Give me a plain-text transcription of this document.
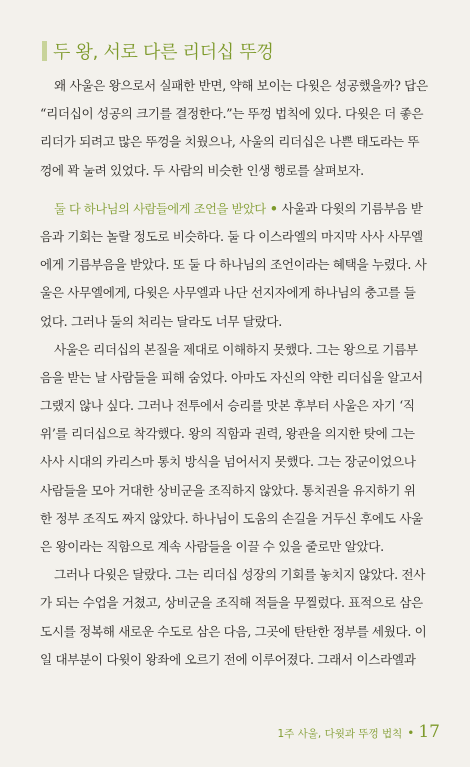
두 왕, 서로 다른 리더십 뚜껑
왜 사울은 왕으로서 실패한 반면, 약해 보이는 다윗은 성공했을까? 답은
“리더십이 성공의 크기를 결정한다.”는 뚜껑 법칙에 있다. 다윗은 더 좋은
리더가 되려고 많은 뚜껑을 치웠으나, 사울의 리더십은 나쁜 태도라는 뚜
껑에 꽉 눌려 있었다. 두 사람의 비슷한 인생 행로를 살펴보자.
둘 다 하나님의 사람들에게 조언을 받았다 • 사울과 다윗의 기름부음 받
음과 기회는 놀랄 정도로 비슷하다. 둘 다 이스라엘의 마지막 사사 사무엘
에게 기름부음을 받았다. 또 둘 다 하나님의 조언이라는 혜택을 누렸다. 사
울은 사무엘에게, 다윗은 사무엘과 나단 선지자에게 하나님의 충고를 들
었다. 그러나 둘의 처리는 달라도 너무 달랐다.
사울은 리더십의 본질을 제대로 이해하지 못했다. 그는 왕으로 기름부
음을 받는 날 사람들을 피해 숨었다. 아마도 자신의 약한 리더십을 알고서
그랬지 않나 싶다. 그러나 전투에서 승리를 맛본 후부터 사울은 자기 ‘직
위’를 리더십으로 착각했다. 왕의 직함과 권력, 왕관을 의지한 탓에 그는
사사 시대의 카리스마 통치 방식을 넘어서지 못했다. 그는 장군이었으나
사람들을 모아 거대한 상비군을 조직하지 않았다. 통치권을 유지하기 위
한 정부 조직도 짜지 않았다. 하나님이 도움의 손길을 거두신 후에도 사울
은 왕이라는 직함으로 계속 사람들을 이끌 수 있을 줄로만 알았다.
그러나 다윗은 달랐다. 그는 리더십 성장의 기회를 놓치지 않았다. 전사
가 되는 수업을 거쳤고, 상비군을 조직해 적들을 무찔렀다. 표적으로 삼은
도시를 정복해 새로운 수도로 삼은 다음, 그곳에 탄탄한 정부를 세웠다. 이
일 대부분이 다윗이 왕좌에 오르기 전에 이루어졌다. 그래서 이스라엘과
1주 사울, 다윗과 뚜껑 법칙 • 17
